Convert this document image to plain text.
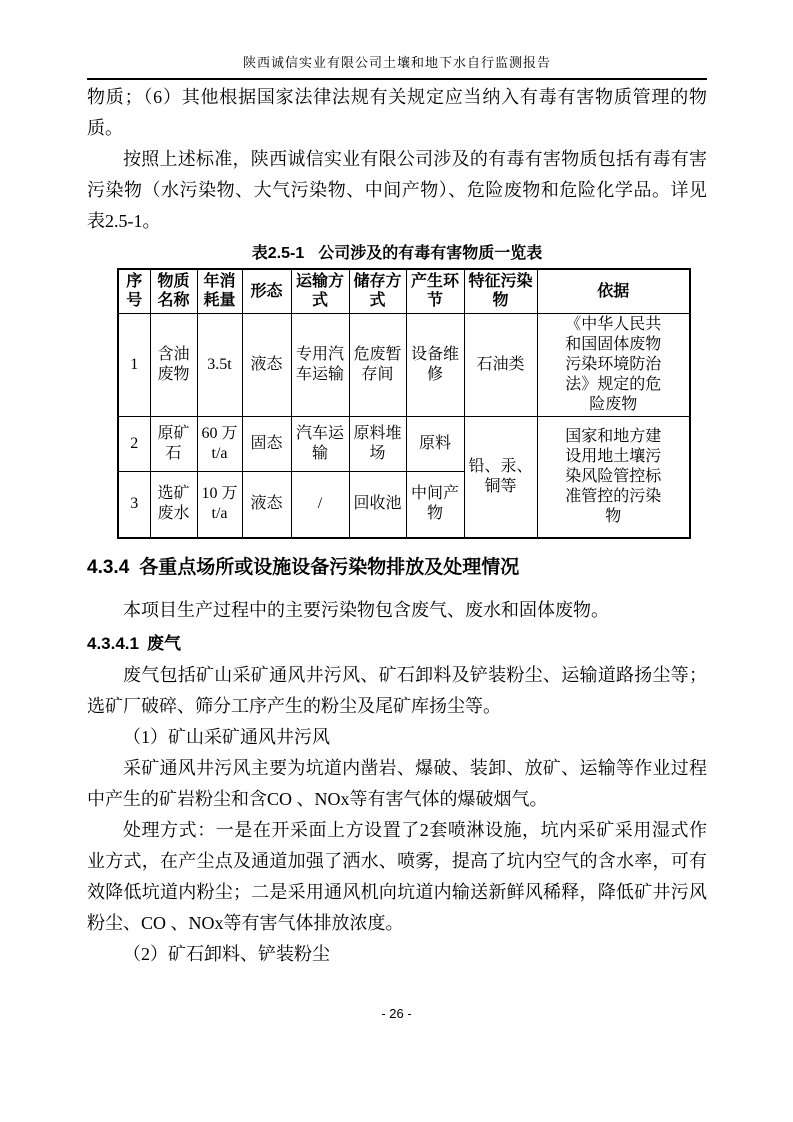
陕西诚信实业有限公司土壤和地下水自行监测报告

物质；（6）其他根据国家法律法规有关规定应当纳入有毒有害物质管理的物质。

按照上述标准，陕西诚信实业有限公司涉及的有毒有害物质包括有毒有害污染物（水污染物、大气污染物、中间产物）、危险废物和危险化学品。详见表2.5-1。

表2.5-1 公司涉及的有毒有害物质一览表
序号	物质名称	年消耗量	形态	运输方式	储存方式	产生环节	特征污染物	依据
1	含油废物	3.5t	液态	专用汽车运输	危废暂存间	设备维修	石油类	《中华人民共和国固体废物污染环境防治法》规定的危险废物
2	原矿石	60 万 t/a	固态	汽车运输	原料堆场	原料	铅、汞、铜等	国家和地方建设用地土壤污染风险管控标准管控的污染物
3	选矿废水	10 万 t/a	液态	/	回收池	中间产物		
4.3.4 各重点场所或设施设备污染物排放及处理情况

本项目生产过程中的主要污染物包含废气、废水和固体废物。

4.3.4.1 废气

废气包括矿山采矿通风井污风、矿石卸料及铲装粉尘、运输道路扬尘等；选矿厂破碎、筛分工序产生的粉尘及尾矿库扬尘等。

（1）矿山采矿通风井污风

采矿通风井污风主要为坑道内凿岩、爆破、装卸、放矿、运输等作业过程中产生的矿岩粉尘和含CO 、NOx等有害气体的爆破烟气。

处理方式：一是在开采面上方设置了2套喷淋设施，坑内采矿采用湿式作业方式，在产尘点及通道加强了洒水、喷雾，提高了坑内空气的含水率，可有效降低坑道内粉尘；二是采用通风机向坑道内输送新鲜风稀释，降低矿井污风粉尘、CO 、NOx等有害气体排放浓度。

（2）矿石卸料、铲装粉尘

- 26 -
